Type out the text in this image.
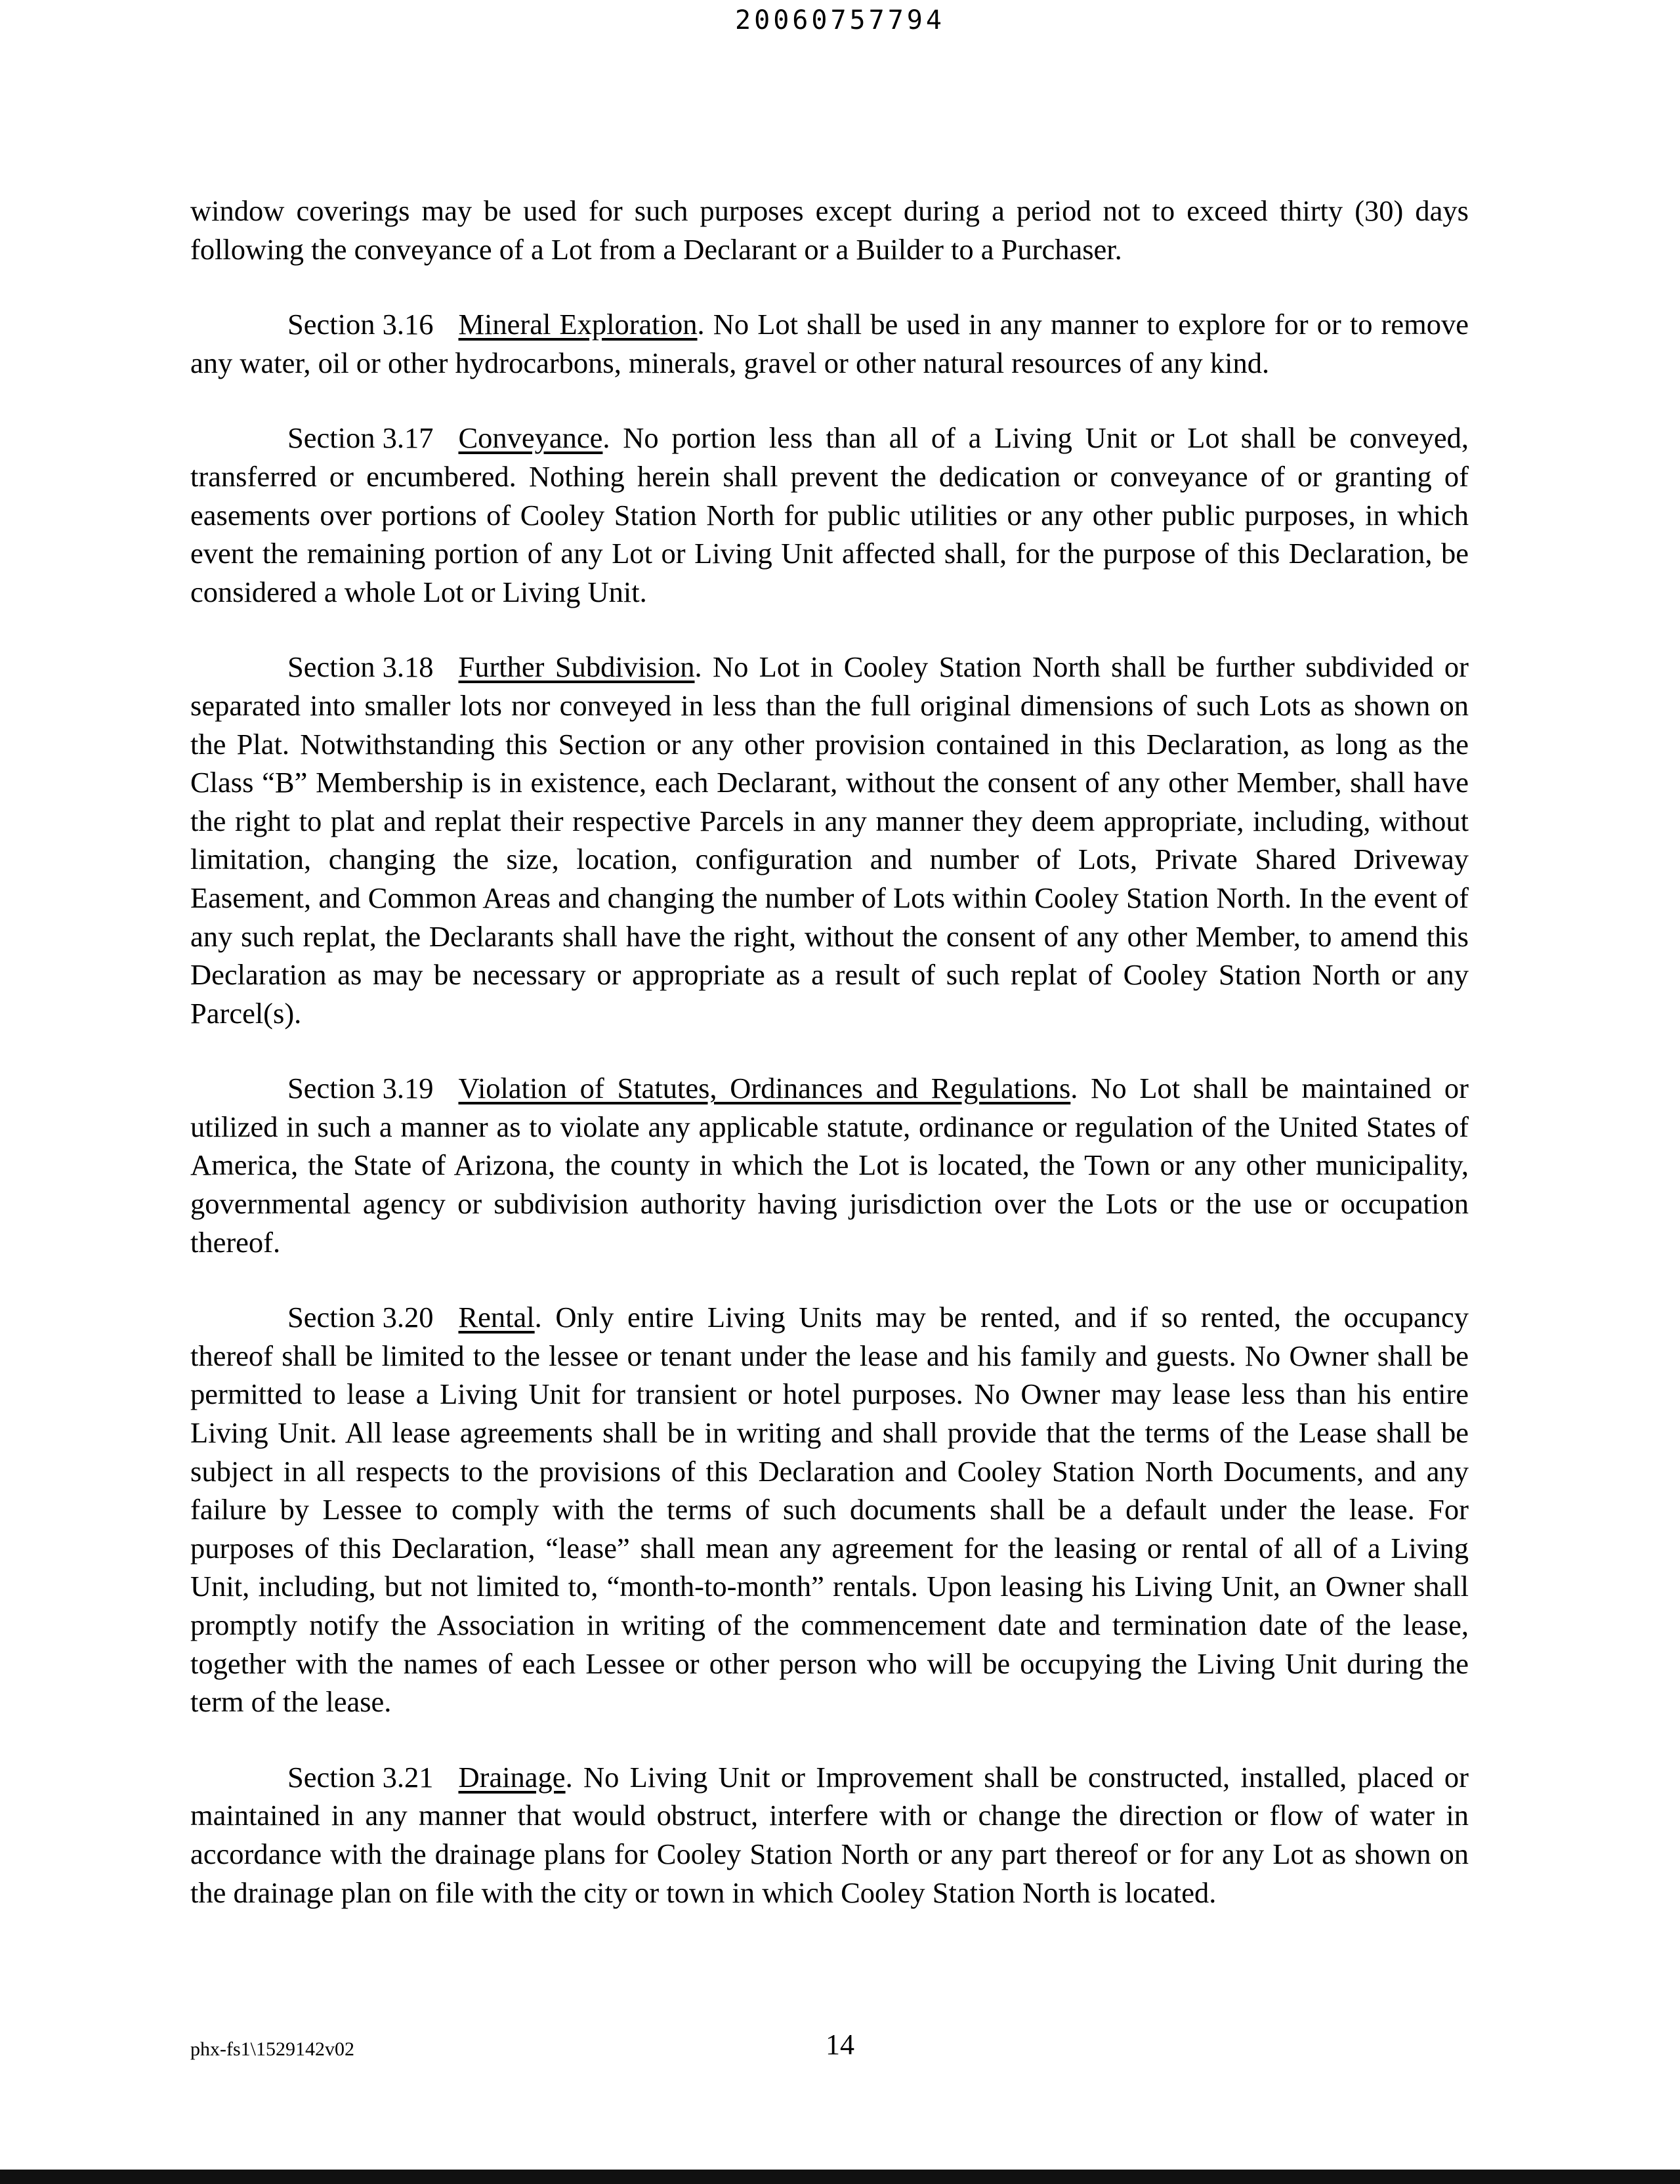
20060757794

window coverings may be used for such purposes except during a period not to exceed thirty (30) days following the conveyance of a Lot from a Declarant or a Builder to a Purchaser.

Section 3.16 Mineral Exploration. No Lot shall be used in any manner to explore for or to remove any water, oil or other hydrocarbons, minerals, gravel or other natural resources of any kind.

Section 3.17 Conveyance. No portion less than all of a Living Unit or Lot shall be conveyed, transferred or encumbered. Nothing herein shall prevent the dedication or conveyance of or granting of easements over portions of Cooley Station North for public utilities or any other public purposes, in which event the remaining portion of any Lot or Living Unit affected shall, for the purpose of this Declaration, be considered a whole Lot or Living Unit.

Section 3.18 Further Subdivision. No Lot in Cooley Station North shall be further subdivided or separated into smaller lots nor conveyed in less than the full original dimensions of such Lots as shown on the Plat. Notwithstanding this Section or any other provision contained in this Declaration, as long as the Class “B” Membership is in existence, each Declarant, without the consent of any other Member, shall have the right to plat and replat their respective Parcels in any manner they deem appropriate, including, without limitation, changing the size, location, configuration and number of Lots, Private Shared Driveway Easement, and Common Areas and changing the number of Lots within Cooley Station North. In the event of any such replat, the Declarants shall have the right, without the consent of any other Member, to amend this Declaration as may be necessary or appropriate as a result of such replat of Cooley Station North or any Parcel(s).

Section 3.19 Violation of Statutes, Ordinances and Regulations. No Lot shall be maintained or utilized in such a manner as to violate any applicable statute, ordinance or regulation of the United States of America, the State of Arizona, the county in which the Lot is located, the Town or any other municipality, governmental agency or subdivision authority having jurisdiction over the Lots or the use or occupation thereof.

Section 3.20 Rental. Only entire Living Units may be rented, and if so rented, the occupancy thereof shall be limited to the lessee or tenant under the lease and his family and guests. No Owner shall be permitted to lease a Living Unit for transient or hotel purposes. No Owner may lease less than his entire Living Unit. All lease agreements shall be in writing and shall provide that the terms of the Lease shall be subject in all respects to the provisions of this Declaration and Cooley Station North Documents, and any failure by Lessee to comply with the terms of such documents shall be a default under the lease. For purposes of this Declaration, “lease” shall mean any agreement for the leasing or rental of all of a Living Unit, including, but not limited to, “month-to-month” rentals. Upon leasing his Living Unit, an Owner shall promptly notify the Association in writing of the commencement date and termination date of the lease, together with the names of each Lessee or other person who will be occupying the Living Unit during the term of the lease.

Section 3.21 Drainage. No Living Unit or Improvement shall be constructed, installed, placed or maintained in any manner that would obstruct, interfere with or change the direction or flow of water in accordance with the drainage plans for Cooley Station North or any part thereof or for any Lot as shown on the drainage plan on file with the city or town in which Cooley Station North is located.

phx-fs1\1529142v02	14
